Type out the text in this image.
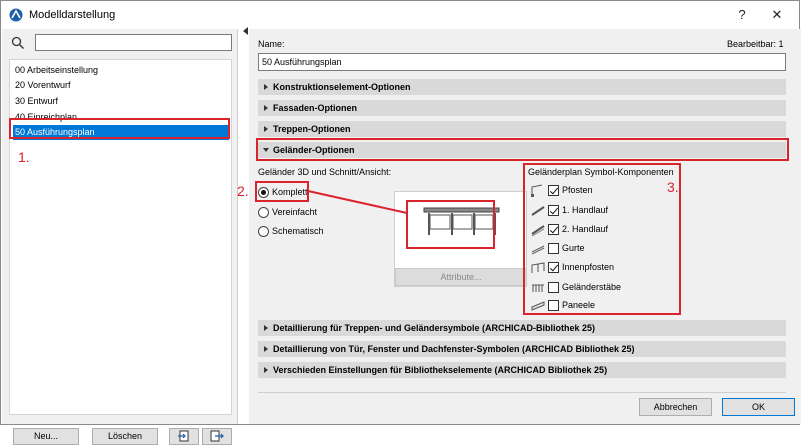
Modelldarstellung	?	✕
00 Arbeitseinstellung
20 Vorentwurf
30 Entwurf
40 Einreichplan
50 Ausführungsplan
Neu...	Löschen
Name:	Bearbeitbar: 1
50 Ausführungsplan
Konstruktionselement-Optionen
Fassaden-Optionen
Treppen-Optionen
Geländer-Optionen
Geländer 3D und Schnitt/Ansicht:
Komplett
Vereinfacht
Schematisch
Attribute...
Geländerplan Symbol-Komponenten
Pfosten
1. Handlauf
2. Handlauf
Gurte
Innenpfosten
Geländerstäbe
Paneele
Detaillierung für Treppen- und Geländersymbole (ARCHICAD-Bibliothek 25)
Detaillierung von Tür, Fenster und Dachfenster-Symbolen (ARCHICAD Bibliothek 25)
Verschieden Einstellungen für Bibliothekselemente (ARCHICAD Bibliothek 25)
Abbrechen	OK
1.
2.	3.
